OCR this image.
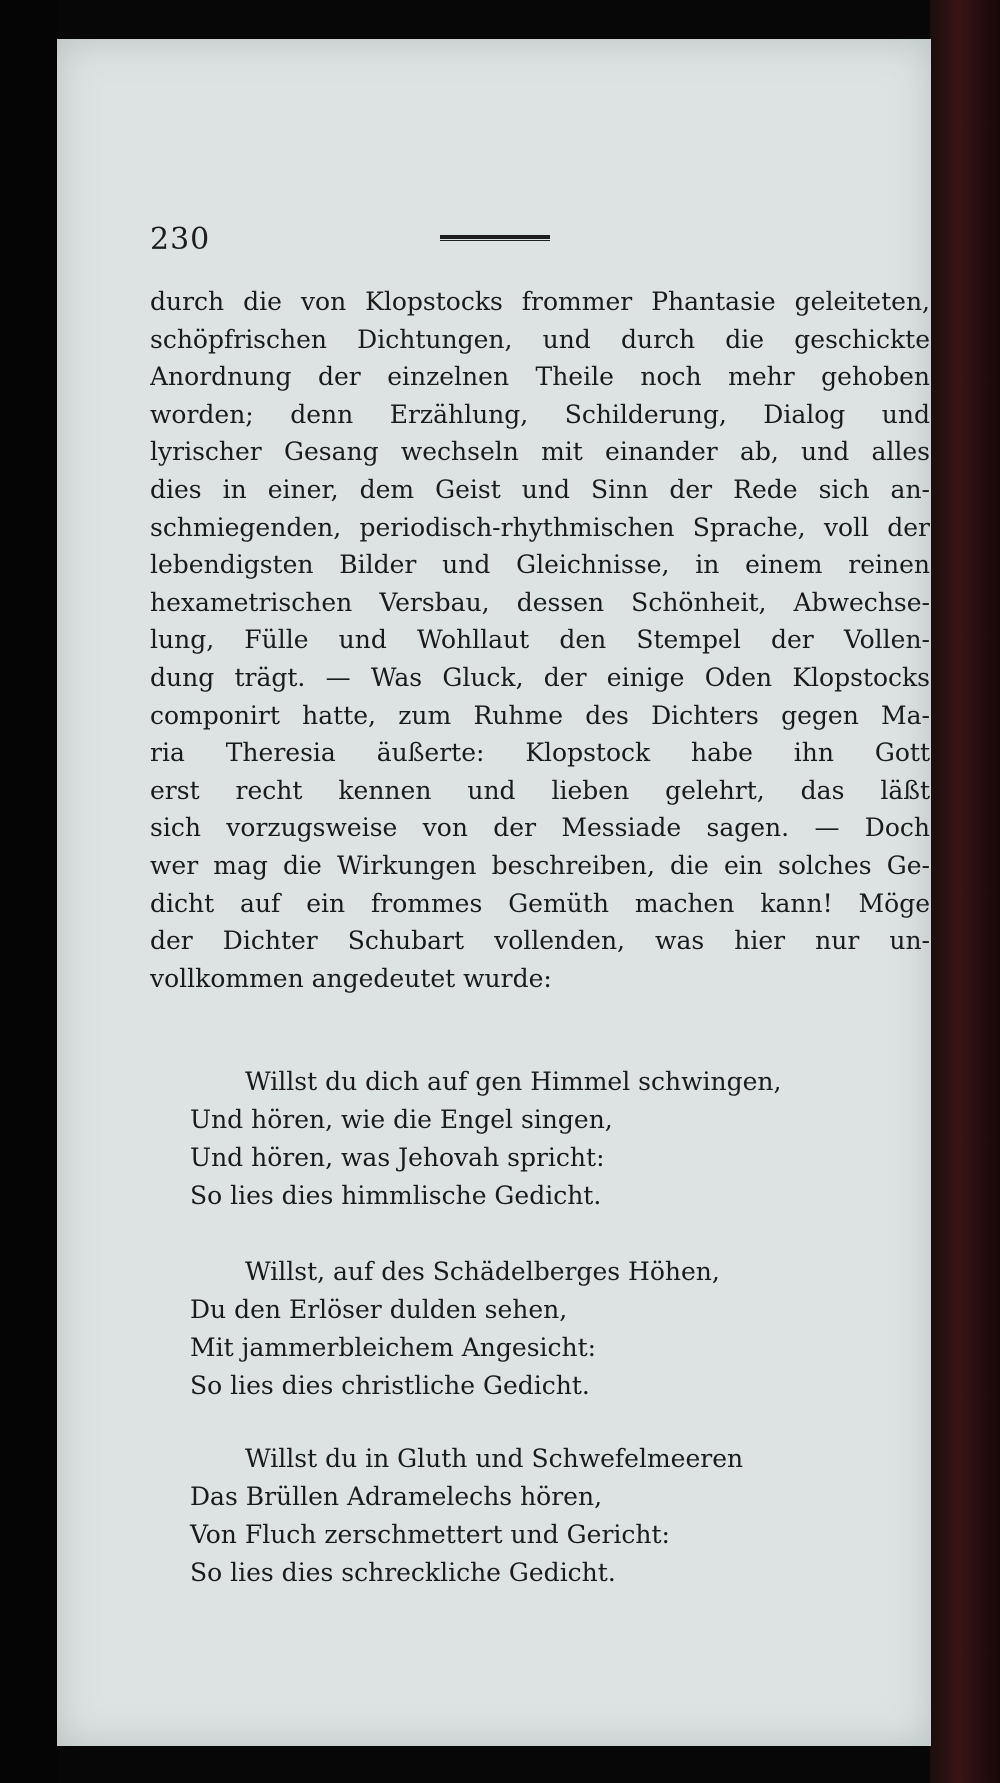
230
durch die von Klopstocks frommer Phantasie geleiteten,
schöpfrischen Dichtungen, und durch die geschickte
Anordnung der einzelnen Theile noch mehr gehoben
worden; denn Erzählung, Schilderung, Dialog und
lyrischer Gesang wechseln mit einander ab, und alles
dies in einer, dem Geist und Sinn der Rede sich an-
schmiegenden, periodisch-rhythmischen Sprache, voll der
lebendigsten Bilder und Gleichnisse, in einem reinen
hexametrischen Versbau, dessen Schönheit, Abwechse-
lung, Fülle und Wohllaut den Stempel der Vollen-
dung trägt. — Was Gluck, der einige Oden Klopstocks
componirt hatte, zum Ruhme des Dichters gegen Ma-
ria Theresia äußerte: Klopstock habe ihn Gott
erst recht kennen und lieben gelehrt, das läßt
sich vorzugsweise von der Messiade sagen. — Doch
wer mag die Wirkungen beschreiben, die ein solches Ge-
dicht auf ein frommes Gemüth machen kann! Möge
der Dichter Schubart vollenden, was hier nur un-
vollkommen angedeutet wurde:
Willst du dich auf gen Himmel schwingen,
Und hören, wie die Engel singen,
Und hören, was Jehovah spricht:
So lies dies himmlische Gedicht.
Willst, auf des Schädelberges Höhen,
Du den Erlöser dulden sehen,
Mit jammerbleichem Angesicht:
So lies dies christliche Gedicht.
Willst du in Gluth und Schwefelmeeren
Das Brüllen Adramelechs hören,
Von Fluch zerschmettert und Gericht:
So lies dies schreckliche Gedicht.
